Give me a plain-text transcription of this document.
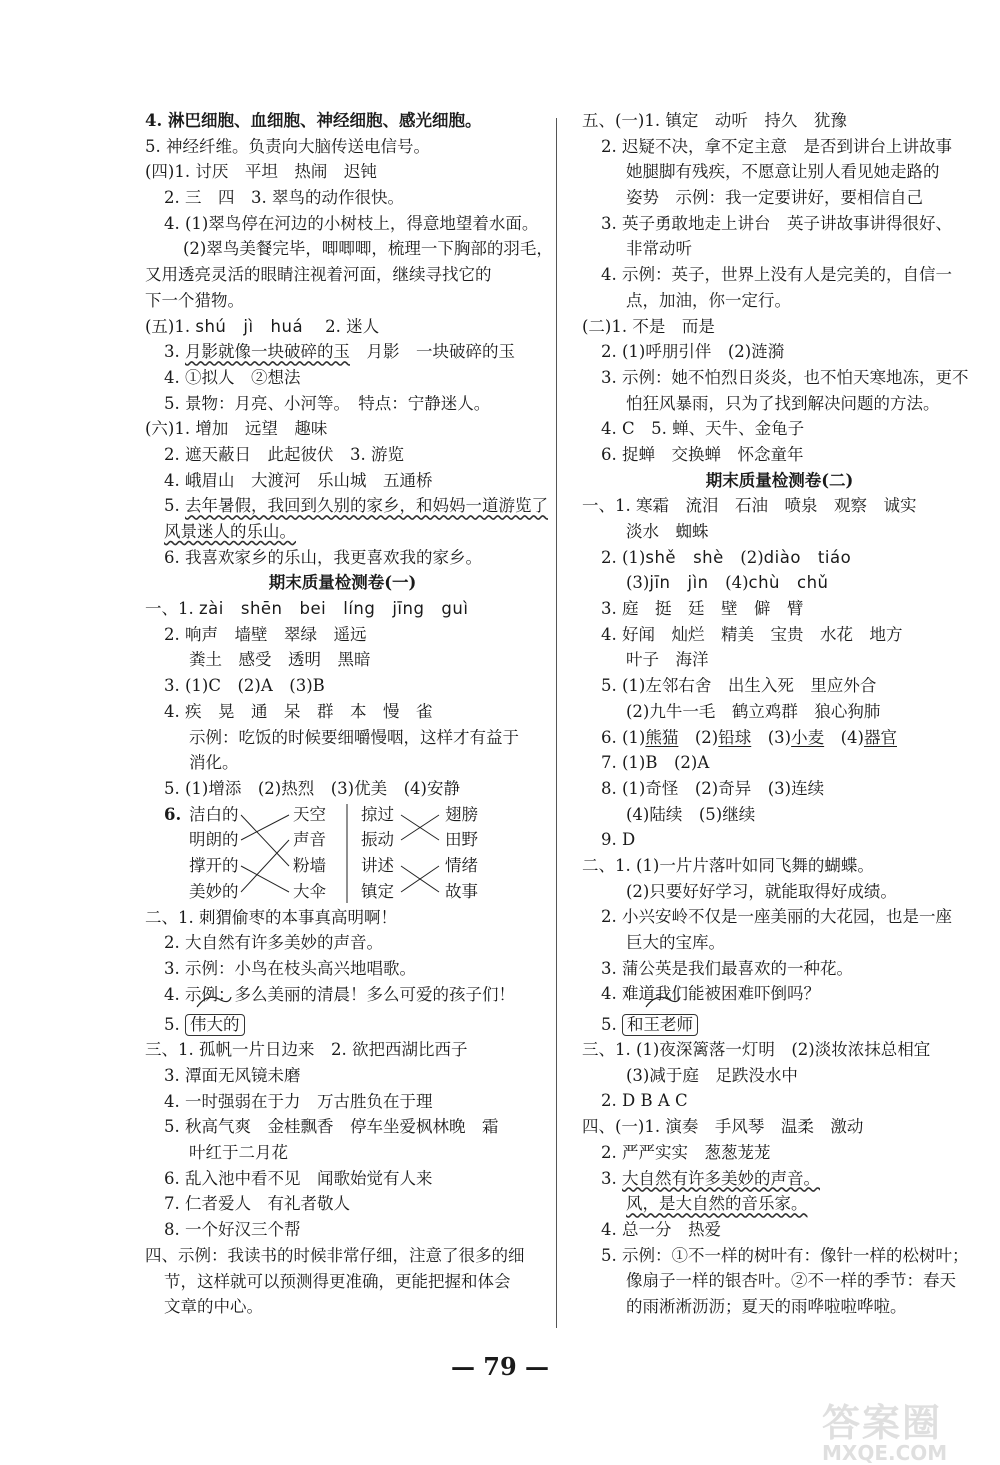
4. 淋巴细胞、血细胞、神经细胞、感光细胞。
5. 神经纤维。负责向大脑传送电信号。
(四)1. 讨厌　平坦　热闹　迟钝
2. 三　四　3. 翠鸟的动作很快。
4. (1)翠鸟停在河边的小树枝上，得意地望着水面。
(2)翠鸟美餐完毕，唧唧唧，梳理一下胸部的羽毛，
又用透亮灵活的眼睛注视着河面，继续寻找它的
下一个猎物。
(五)1. shú　jì　huá 2. 迷人
3. 月影就像一块破碎的玉　 月影　一块破碎的玉
4. ①拟人　②想法
5. 景物：月亮、小河等。　特点：宁静迷人。
(六)1. 增加　远望　趣味
2. 遮天蔽日　此起彼伏　3. 游览
4. 峨眉山　大渡河　乐山城　五通桥
5. 去年暑假，我回到久别的家乡，和妈妈一道游览了
风景迷人的乐山。
6. 我喜欢家乡的乐山，我更喜欢我的家乡。
期末质量检测卷(一)
一、1. zài　shēn　bei　líng　jīng　guì
2. 响声　墙壁　翠绿　遥远
粪土　感受　透明　黑暗
3. (1)C　(2)A　(3)B
4. 疾　晃　通　呆　群　本　慢　雀
示例：吃饭的时候要细嚼慢咽，这样才有益于
消化。
5. (1)增添　(2)热烈　(3)优美　(4)安静
6. 洁白的
明朗的
撑开的
美妙的
天空
声音
粉墙
大伞
掠过
振动
讲述
镇定
翅膀
田野
情绪
故事
二、1. 刺猬偷枣的本事真高明啊！
2. 大自然有许多美妙的声音。
3. 示例：小鸟在枝头高兴地唱歌。
4. 示例：多么美丽的清晨！多么可爱的孩子们！
5. 伟大的
三、1. 孤帆一片日边来　2. 欲把西湖比西子
3. 潭面无风镜未磨
4. 一时强弱在于力　万古胜负在于理
5. 秋高气爽　金桂飘香　停车坐爱枫林晚　霜
叶红于二月花
6. 乱入池中看不见　闻歌始觉有人来
7. 仁者爱人　有礼者敬人
8. 一个好汉三个帮
四、示例：我读书的时候非常仔细，注意了很多的细
节，这样就可以预测得更准确，更能把握和体会
文章的中心。
五、(一)1. 镇定　动听　持久　犹豫
2. 迟疑不决，拿不定主意　是否到讲台上讲故事
她腿脚有残疾，不愿意让别人看见她走路的
姿势　示例：我一定要讲好，要相信自己
3. 英子勇敢地走上讲台　英子讲故事讲得很好、
非常动听
4. 示例：英子，世界上没有人是完美的，自信一
点，加油，你一定行。
(二)1. 不是　而是
2. (1)呼朋引伴　(2)涟漪
3. 示例：她不怕烈日炎炎，也不怕天寒地冻，更不
怕狂风暴雨，只为了找到解决问题的方法。
4. C　5. 蝉、天牛、金龟子
6. 捉蝉　交换蝉　怀念童年
期末质量检测卷(二)
一、1. 寒霜　流泪　石油　喷泉　观察　诚实
淡水　蜘蛛
2. (1)shě　shè　 (2)diào　tiáo
(3)jīn　jìn　 (4)chù　chǔ
3. 庭　挺　廷　壁　僻　臂
4. 好闻　灿烂　精美　宝贵　水花　地方
叶子　海洋
5. (1)左邻右舍　出生入死　里应外合
(2)九牛一毛　鹤立鸡群　狼心狗肺
6. (1)熊猫　 (2)铅球　 (3)小麦　 (4)器官
7. (1)B　(2)A
8. (1)奇怪　(2)奇异　(3)连续
(4)陆续　(5)继续
9. D
二、1. (1)一片片落叶如同飞舞的蝴蝶。
(2)只要好好学习，就能取得好成绩。
2. 小兴安岭不仅是一座美丽的大花园，也是一座
巨大的宝库。
3. 蒲公英是我们最喜欢的一种花。
4. 难道我们能被困难吓倒吗？
5. 和王老师
三、1. (1)夜深篱落一灯明　(2)淡妆浓抹总相宜
(3)减于庭　足跌没水中
2. D B A C
四、(一)1. 演奏　手风琴　温柔　激动
2. 严严实实　葱葱茏茏
3. 大自然有许多美妙的声音。
风，是大自然的音乐家。
4. 总一分　热爱
5. 示例：①不一样的树叶有：像针一样的松树叶；
像扇子一样的银杏叶。②不一样的季节：春天
的雨淅淅沥沥；夏天的雨哗啦啦哗啦。
— 79 —
答案圈
MXQE.COM
